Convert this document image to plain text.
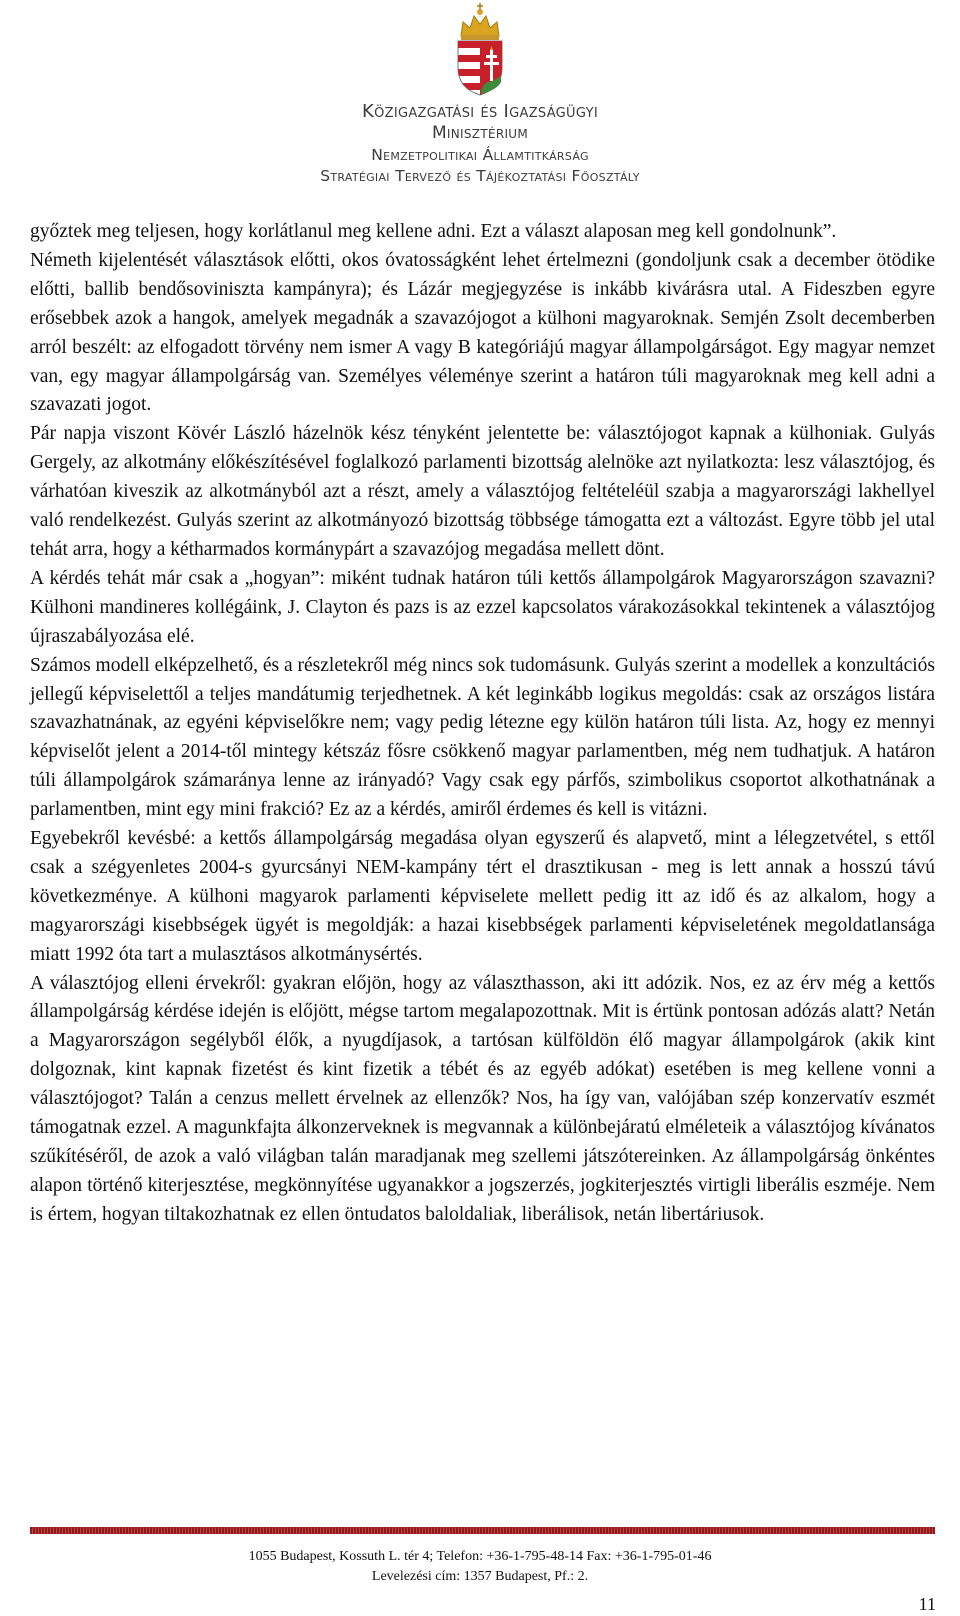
Közigazgatási és Igazságügyi
Minisztérium
Nemzetpolitikai Államtitkárság
Stratégiai Tervező és Tájékoztatási Főosztály

győztek meg teljesen, hogy korlátlanul meg kellene adni. Ezt a választ alaposan meg kell gondolnunk”.

Németh kijelentését választások előtti, okos óvatosságként lehet értelmezni (gondoljunk csak a december ötödike előtti, ballib bendősoviniszta kampányra); és Lázár megjegyzése is inkább kivárásra utal. A Fideszben egyre erősebbek azok a hangok, amelyek megadnák a szavazójogot a külhoni magyaroknak. Semjén Zsolt decemberben arról beszélt: az elfogadott törvény nem ismer A vagy B kategóriájú magyar állampolgárságot. Egy magyar nemzet van, egy magyar állampolgárság van. Személyes véleménye szerint a határon túli magyaroknak meg kell adni a szavazati jogot.

Pár napja viszont Kövér László házelnök kész tényként jelentette be: választójogot kapnak a külhoniak. Gulyás Gergely, az alkotmány előkészítésével foglalkozó parlamenti bizottság alelnöke azt nyilatkozta: lesz választójog, és várhatóan kiveszik az alkotmányból azt a részt, amely a választójog feltételéül szabja a magyarországi lakhellyel való rendelkezést. Gulyás szerint az alkotmányozó bizottság többsége támogatta ezt a változást. Egyre több jel utal tehát arra, hogy a kétharmados kormánypárt a szavazójog megadása mellett dönt.

A kérdés tehát már csak a „hogyan”: miként tudnak határon túli kettős állampolgárok Magyarországon szavazni? Külhoni mandineres kollégáink, J. Clayton és pazs is az ezzel kapcsolatos várakozásokkal tekintenek a választójog újraszabályozása elé.

Számos modell elképzelhető, és a részletekről még nincs sok tudomásunk. Gulyás szerint a modellek a konzultációs jellegű képviselettől a teljes mandátumig terjedhetnek. A két leginkább logikus megoldás: csak az országos listára szavazhatnának, az egyéni képviselőkre nem; vagy pedig létezne egy külön határon túli lista. Az, hogy ez mennyi képviselőt jelent a 2014-től mintegy kétszáz fősre csökkenő magyar parlamentben, még nem tudhatjuk. A határon túli állampolgárok számaránya lenne az irányadó? Vagy csak egy párfős, szimbolikus csoportot alkothatnának a parlamentben, mint egy mini frakció? Ez az a kérdés, amiről érdemes és kell is vitázni.

Egyebekről kevésbé: a kettős állampolgárság megadása olyan egyszerű és alapvető, mint a lélegzetvétel, s ettől csak a szégyenletes 2004-s gyurcsányi NEM-kampány tért el drasztikusan - meg is lett annak a hosszú távú következménye. A külhoni magyarok parlamenti képviselete mellett pedig itt az idő és az alkalom, hogy a magyarországi kisebbségek ügyét is megoldják: a hazai kisebbségek parlamenti képviseletének megoldatlansága miatt 1992 óta tart a mulasztásos alkotmánysértés.

A választójog elleni érvekről: gyakran előjön, hogy az választhasson, aki itt adózik. Nos, ez az érv még a kettős állampolgárság kérdése idején is előjött, mégse tartom megalapozottnak. Mit is értünk pontosan adózás alatt? Netán a Magyarországon segélyből élők, a nyugdíjasok, a tartósan külföldön élő magyar állampolgárok (akik kint dolgoznak, kint kapnak fizetést és kint fizetik a tébét és az egyéb adókat) esetében is meg kellene vonni a választójogot? Talán a cenzus mellett érvelnek az ellenzők? Nos, ha így van, valójában szép konzervatív eszmét támogatnak ezzel. A magunkfajta álkonzerveknek is megvannak a különbejáratú elméleteik a választójog kívánatos szűkítéséről, de azok a való világban talán maradjanak meg szellemi játszótereinken. Az állampolgárság önkéntes alapon történő kiterjesztése, megkönnyítése ugyanakkor a jogszerzés, jogkiterjesztés virtigli liberális eszméje. Nem is értem, hogyan tiltakozhatnak ez ellen öntudatos baloldaliak, liberálisok, netán libertáriusok.

1055 Budapest, Kossuth L. tér 4; Telefon: +36-1-795-48-14 Fax: +36-1-795-01-46
Levelezési cím: 1357 Budapest, Pf.: 2.
11
